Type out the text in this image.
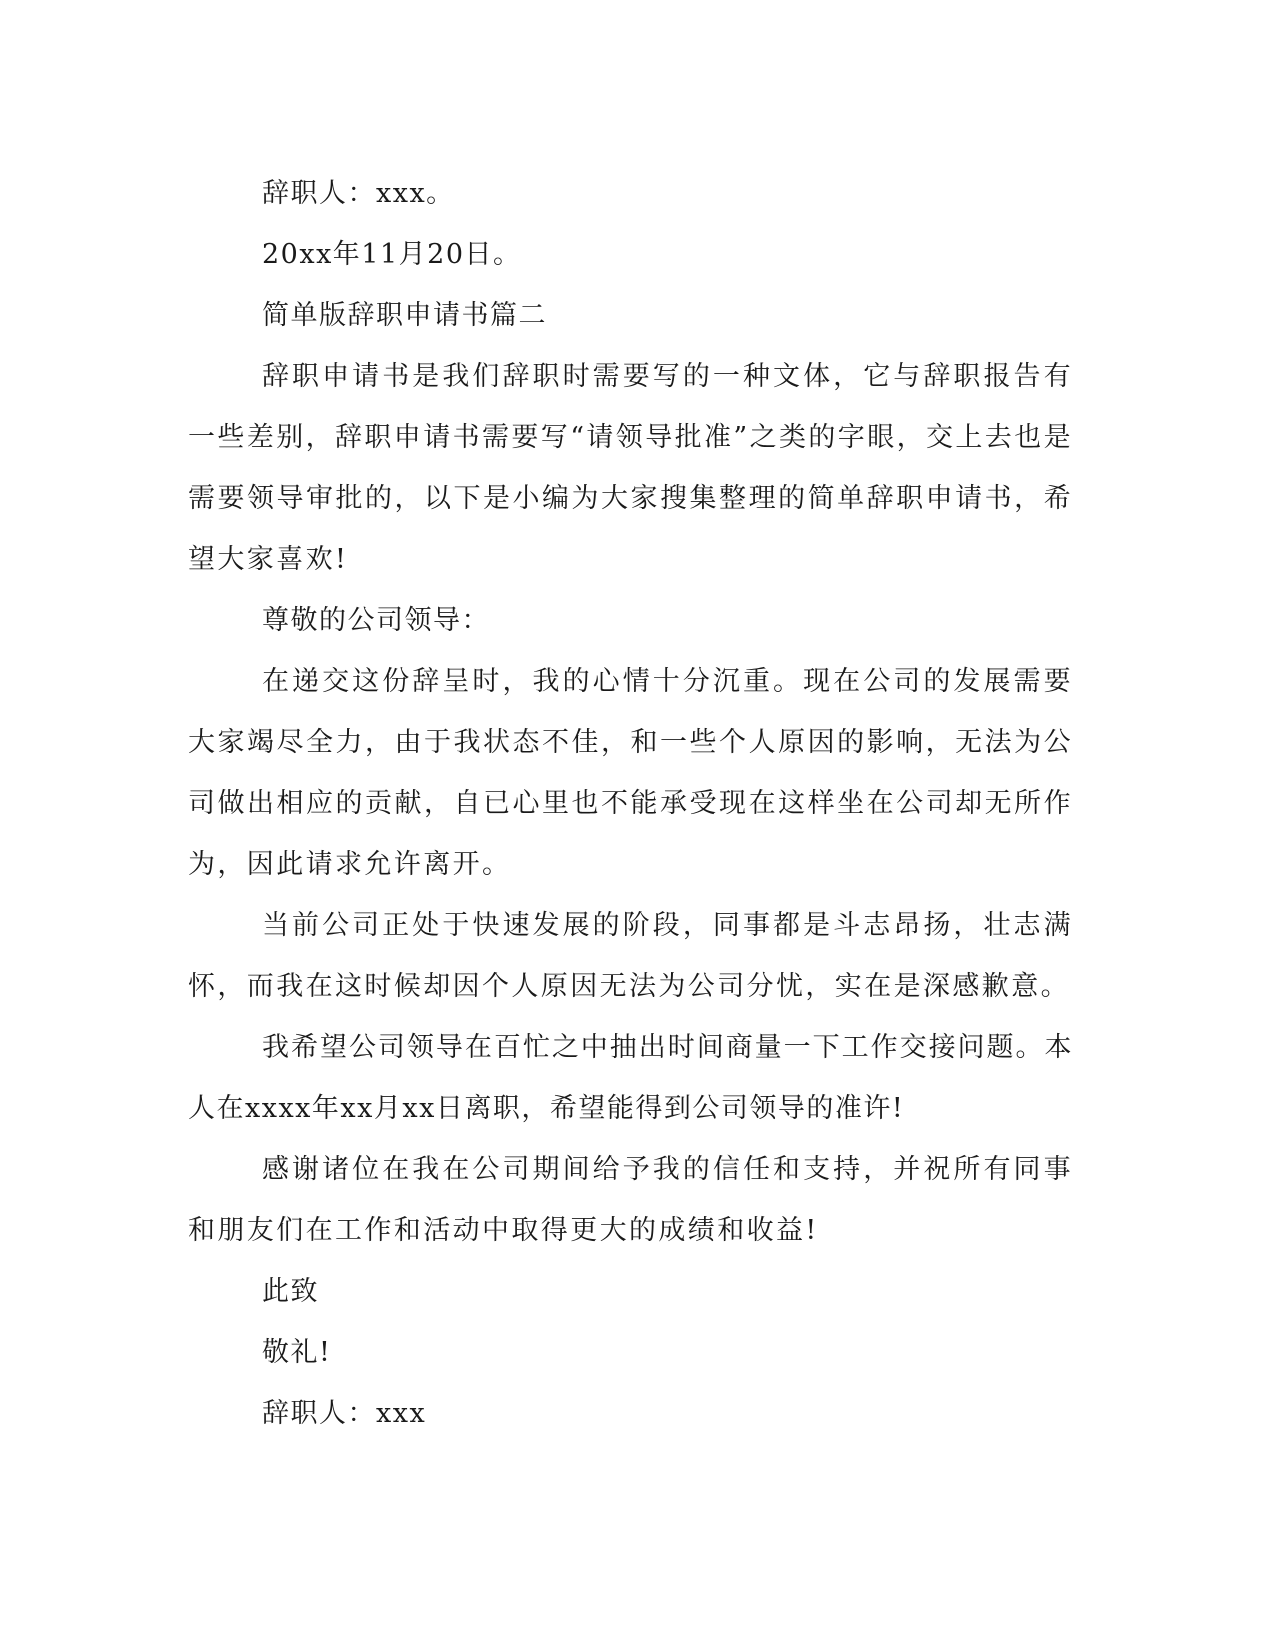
辞职人：xxx。

20xx年11月20日。

简单版辞职申请书篇二

辞职申请书是我们辞职时需要写的一种文体，它与辞职报告有一些差别，辞职申请书需要写“请领导批准”之类的字眼，交上去也是需要领导审批的，以下是小编为大家搜集整理的简单辞职申请书，希望大家喜欢!

尊敬的公司领导：

在递交这份辞呈时，我的心情十分沉重。现在公司的发展需要大家竭尽全力，由于我状态不佳，和一些个人原因的影响，无法为公司做出相应的贡献，自已心里也不能承受现在这样坐在公司却无所作为，因此请求允许离开。

当前公司正处于快速发展的阶段，同事都是斗志昂扬，壮志满怀，而我在这时候却因个人原因无法为公司分忧，实在是深感歉意。

我希望公司领导在百忙之中抽出时间商量一下工作交接问题。本人在xxxx年xx月xx日离职，希望能得到公司领导的准许!

感谢诸位在我在公司期间给予我的信任和支持，并祝所有同事和朋友们在工作和活动中取得更大的成绩和收益!

此致

敬礼!

辞职人：xxx
